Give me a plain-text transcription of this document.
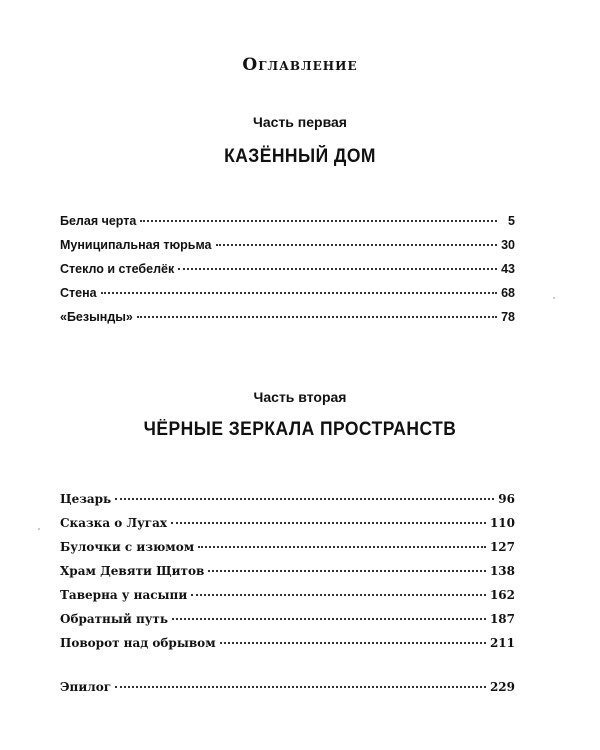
Оглавление
Часть первая
КАЗЁННЫЙ ДОМ
Белая черта	5
Муниципальная тюрьма	30
Стекло и стебелёк	43
Стена	68
«Безынды»	78
Часть вторая
ЧЁРНЫЕ ЗЕРКАЛА ПРОСТРАНСТВ
Цезарь	96
Сказка о Лугах	110
Булочки с изюмом	127
Храм Девяти Щитов	138
Таверна у насыпи	162
Обратный путь	187
Поворот над обрывом	211
Эпилог	229
